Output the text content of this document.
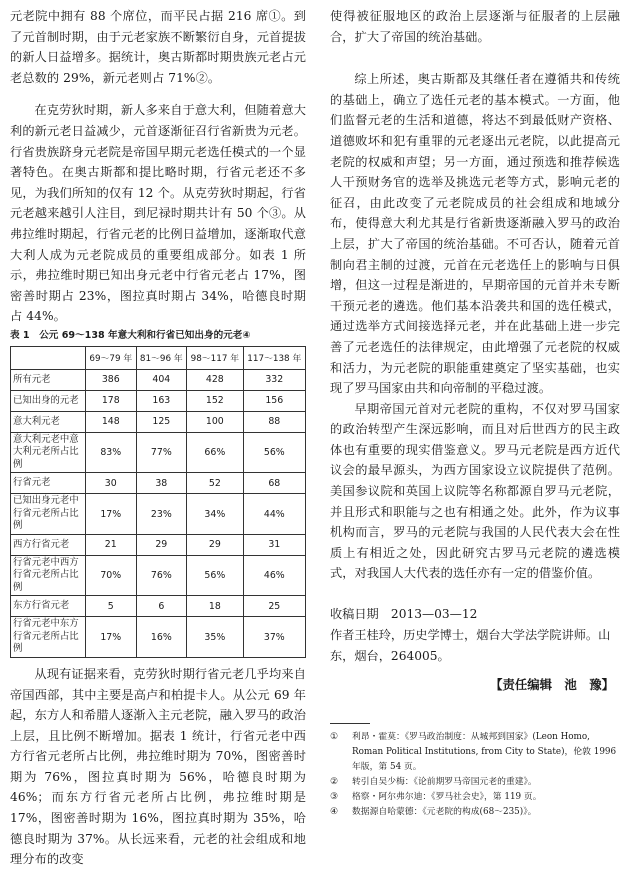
元老院中拥有 88 个席位，而平民占据 216 席①。到了元首制时期，由于元老家族不断繁衍自身，元首提拔的新人日益增多。据统计，奥古斯都时期贵族元老占元老总数的 29%，新元老则占 71%②。

在克劳狄时期，新人多来自于意大利，但随着意大利的新元老日益减少，元首逐渐征召行省新贵为元老。行省贵族跻身元老院是帝国早期元老选任模式的一个显著特色。在奥古斯都和提比略时期，行省元老还不多见，为我们所知的仅有 12 个。从克劳狄时期起，行省元老越来越引人注目，到尼禄时期共计有 50 个③。从弗拉维时期起，行省元老的比例日益增加，逐渐取代意大利人成为元老院成员的重要组成部分。如表 1 所示，弗拉维时期已知出身元老中行省元老占 17%，图密善时期占 23%，图拉真时期占 34%，哈德良时期占 44%。

表 1　公元 69～138 年意大利和行省已知出身的元老④
	69～79 年	81～96 年	98～117 年	117～138 年
所有元老	386	404	428	332
已知出身的元老	178	163	152	156
意大利元老	148	125	100	88
意大利元老中意大利元老所占比例	83%	77%	66%	56%
行省元老	30	38	52	68
已知出身元老中行省元老所占比例	17%	23%	34%	44%
西方行省元老	21	29	29	31
行省元老中西方行省元老所占比例	70%	76%	56%	46%
东方行省元老	5	6	18	25
行省元老中东方行省元老所占比例	17%	16%	35%	37%

从现有证据来看，克劳狄时期行省元老几乎均来自帝国西部，其中主要是高卢和柏提卡人。从公元 69 年起，东方人和希腊人逐渐入主元老院，融入罗马的政治上层，且比例不断增加。据表 1 统计，行省元老中西方行省元老所占比例，弗拉维时期为 70%，图密善时期为 76%，图拉真时期为 56%，哈德良时期为 46%；而东方行省元老所占比例，弗拉维时期是 17%，图密善时期为 16%，图拉真时期为 35%，哈德良时期为 37%。从长远来看，元老的社会组成和地理分布的改变

使得被征服地区的政治上层逐渐与征服者的上层融合，扩大了帝国的统治基础。

综上所述，奥古斯都及其继任者在遵循共和传统的基础上，确立了选任元老的基本模式。一方面，他们监督元老的生活和道德，将达不到最低财产资格、道德败坏和犯有重罪的元老逐出元老院，以此提高元老院的权威和声望；另一方面，通过预选和推荐候选人干预财务官的选举及挑选元老等方式，影响元老的征召，由此改变了元老院成员的社会组成和地域分布，使得意大利尤其是行省新贵逐渐融入罗马的政治上层，扩大了帝国的统治基础。不可否认，随着元首制向君主制的过渡，元首在元老选任上的影响与日俱增，但这一过程是渐进的，早期帝国的元首并未专断干预元老的遴选。他们基本沿袭共和国的选任模式，通过选举方式间接选择元老，并在此基础上进一步完善了元老选任的法律规定，由此增强了元老院的权威和活力，为元老院的职能重建奠定了坚实基础，也实现了罗马国家由共和向帝制的平稳过渡。

早期帝国元首对元老院的重构，不仅对罗马国家的政治转型产生深远影响，而且对后世西方的民主政体也有重要的现实借鉴意义。罗马元老院是西方近代议会的最早源头，为西方国家设立议院提供了范例。美国参议院和英国上议院等名称都源自罗马元老院，并且形式和职能与之也有相通之处。此外，作为议事机构而言，罗马的元老院与我国的人民代表大会在性质上有相近之处，因此研究古罗马元老院的遴选模式，对我国人大代表的选任亦有一定的借鉴价值。

收稿日期　2013—03—12

作者王桂玲，历史学博士，烟台大学法学院讲师。山东，烟台，264005。

【责任编辑　池　豫】
①	利昂・霍莫：《罗马政治制度：从城邦到国家》(Leon Homo, Roman Political Institutions, from City to State)，伦敦 1996 年版，第 54 页。
②	转引自吴少梅：《论前期罗马帝国元老的重建》。
③	格察・阿尔弗尔迪：《罗马社会史》，第 119 页。
④	数据源自哈蒙德：《元老院的构成(68～235)》。
